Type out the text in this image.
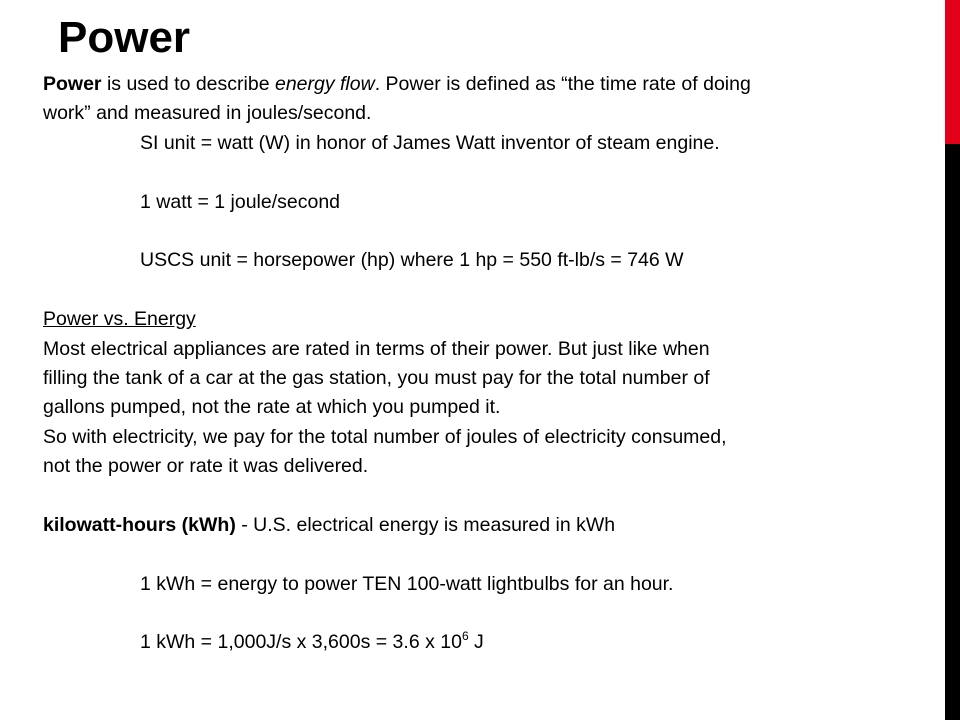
Power
Power is used to describe energy flow. Power is defined as “the time rate of doing
work” and measured in joules/second.
SI unit = watt (W) in honor of James Watt inventor of steam engine.
1 watt = 1 joule/second
USCS unit = horsepower (hp) where 1 hp = 550 ft-lb/s = 746 W
Power vs. Energy
Most electrical appliances are rated in terms of their power. But just like when
filling the tank of a car at the gas station, you must pay for the total number of
gallons pumped, not the rate at which you pumped it.
So with electricity, we pay for the total number of joules of electricity consumed,
not the power or rate it was delivered.
kilowatt-hours (kWh) - U.S. electrical energy is measured in kWh
1 kWh = energy to power TEN 100-watt lightbulbs for an hour.
1 kWh = 1,000J/s x 3,600s = 3.6 x $10^6$ J
